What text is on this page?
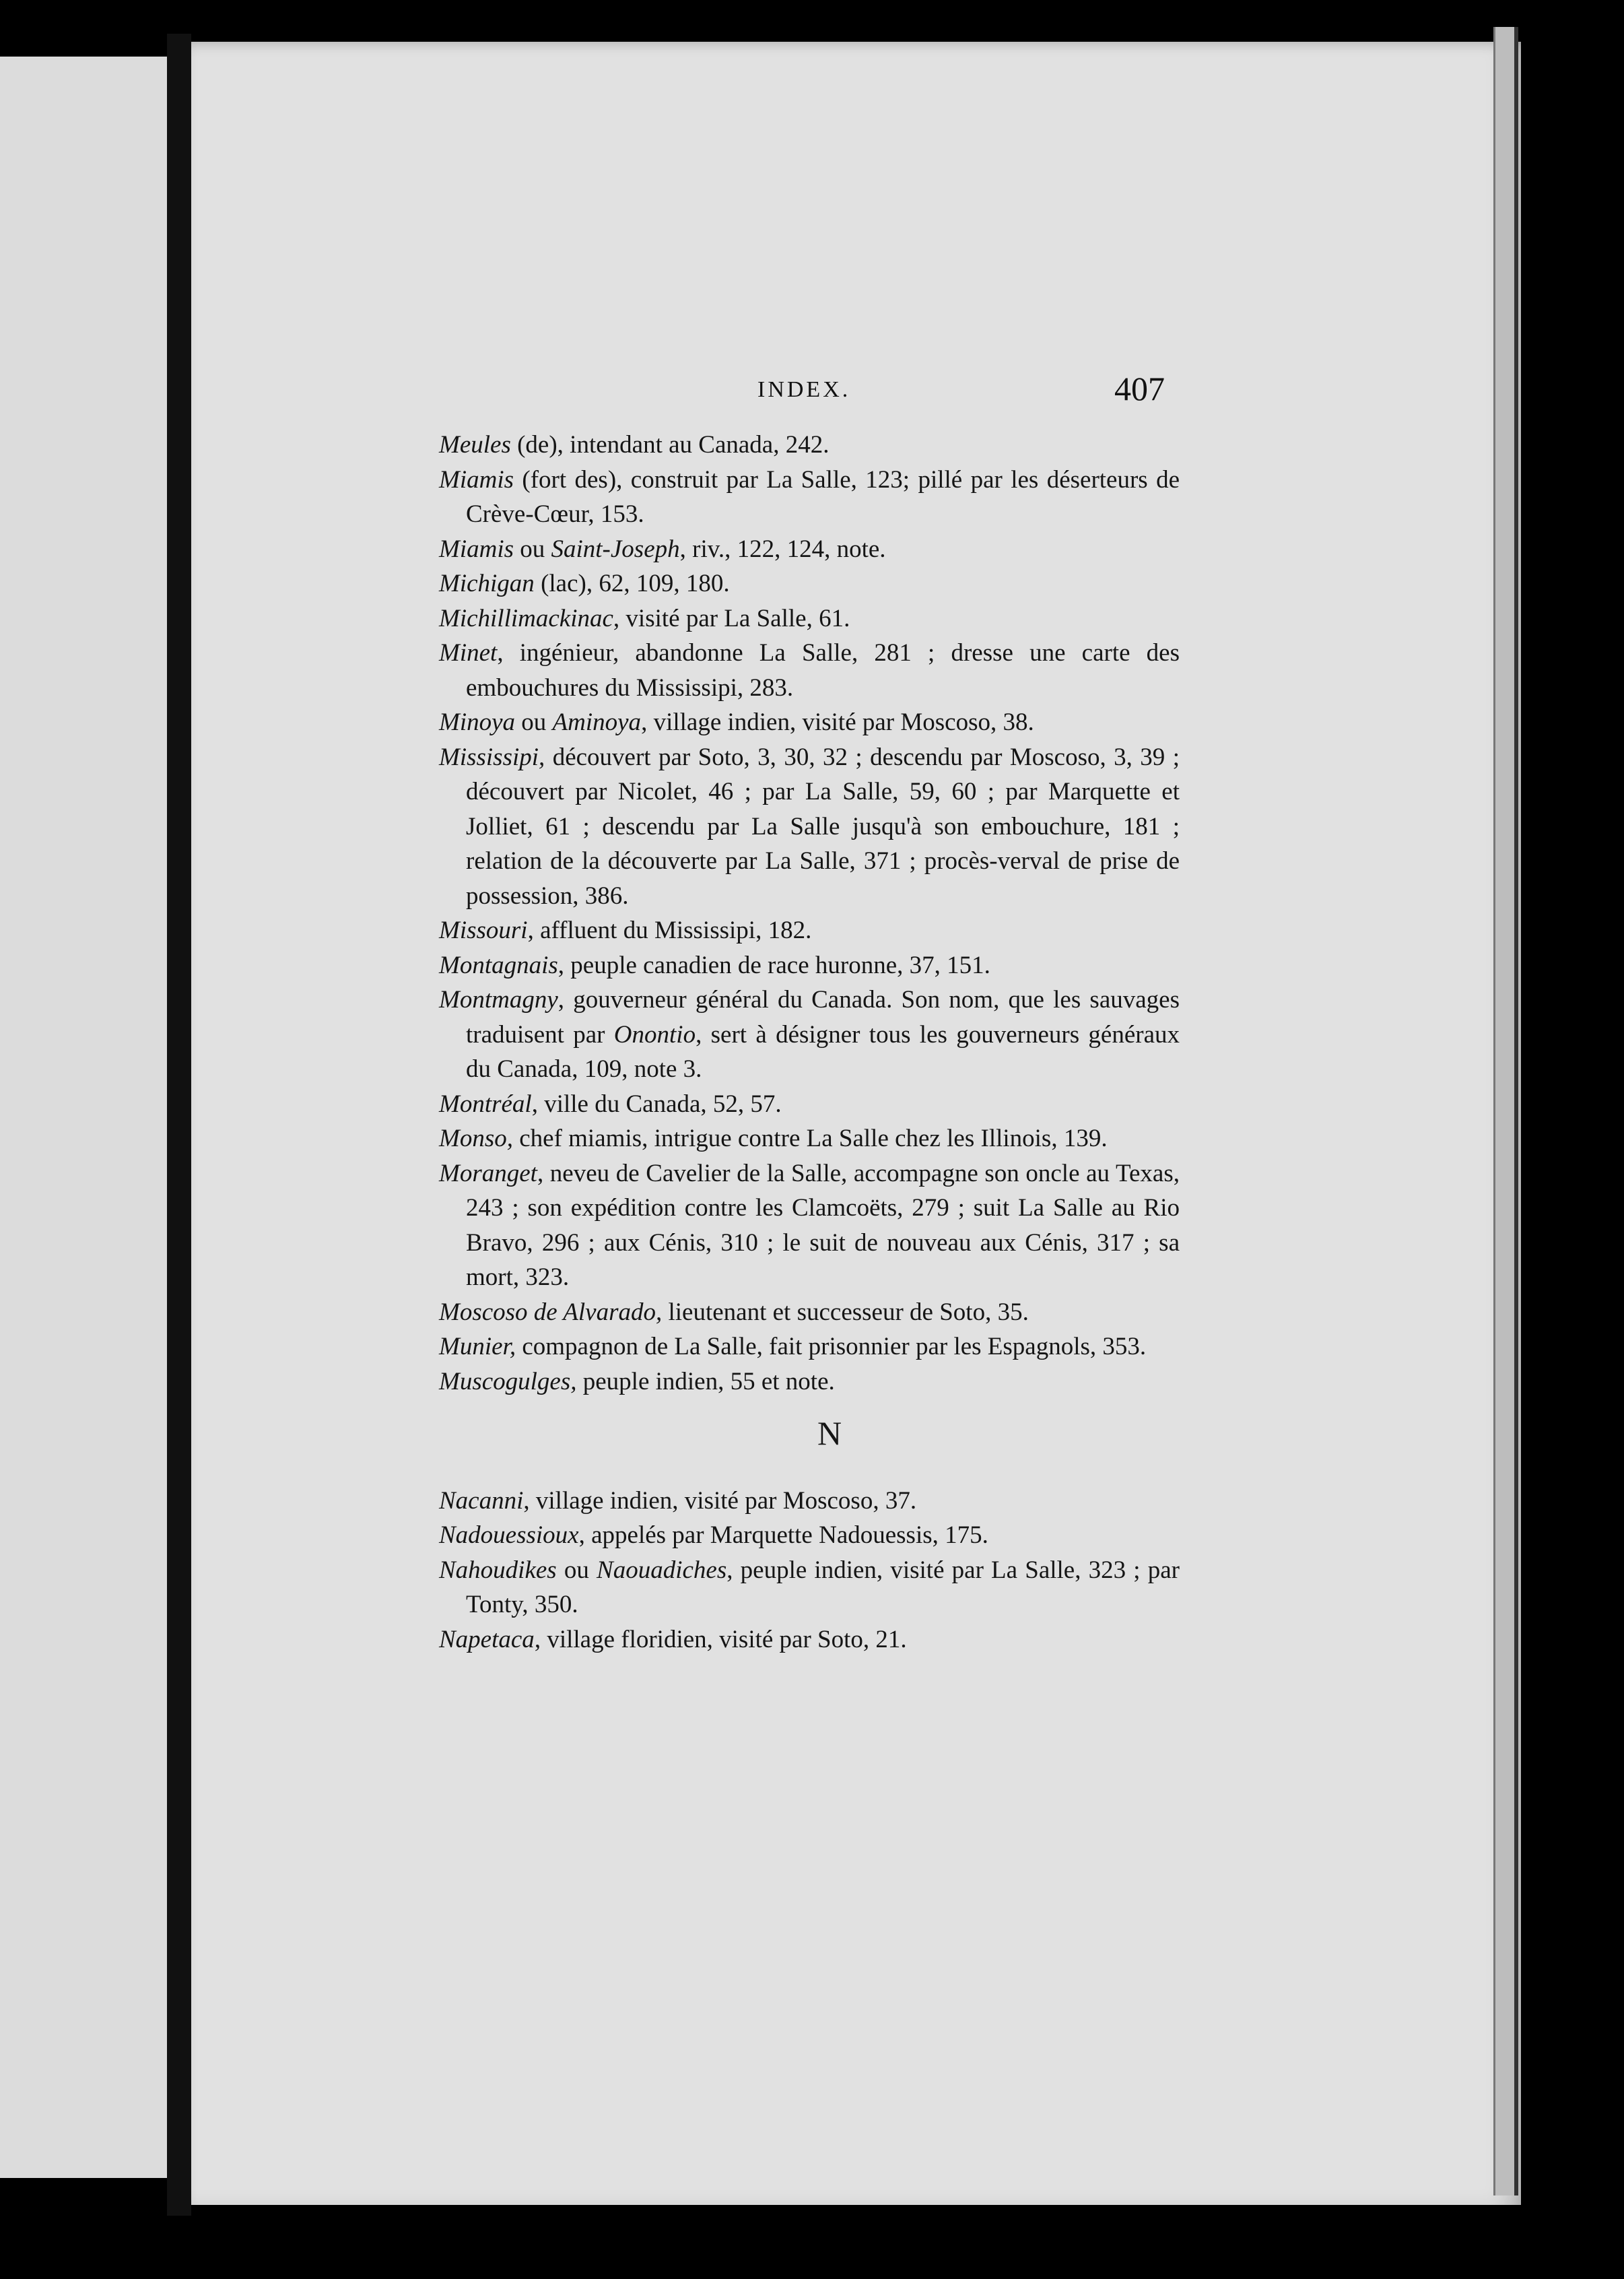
INDEX.	407
Meules (de), intendant au Canada, 242.
Miamis (fort des), construit par La Salle, 123; pillé par les déserteurs de Crève-Cœur, 153.
Miamis ou Saint-Joseph, riv., 122, 124, note.
Michigan (lac), 62, 109, 180.
Michillimackinac, visité par La Salle, 61.
Minet, ingénieur, abandonne La Salle, 281 ; dresse une carte des embouchures du Mississipi, 283.
Minoya ou Aminoya, village indien, visité par Moscoso, 38.
Mississipi, découvert par Soto, 3, 30, 32 ; descendu par Moscoso, 3, 39 ; découvert par Nicolet, 46 ; par La Salle, 59, 60 ; par Marquette et Jolliet, 61 ; descendu par La Salle jusqu'à son embouchure, 181 ; relation de la découverte par La Salle, 371 ; procès-verval de prise de possession, 386.
Missouri, affluent du Mississipi, 182.
Montagnais, peuple canadien de race huronne, 37, 151.
Montmagny, gouverneur général du Canada. Son nom, que les sauvages traduisent par Onontio, sert à désigner tous les gouverneurs généraux du Canada, 109, note 3.
Montréal, ville du Canada, 52, 57.
Monso, chef miamis, intrigue contre La Salle chez les Illinois, 139.
Moranget, neveu de Cavelier de la Salle, accompagne son oncle au Texas, 243 ; son expédition contre les Clamcoëts, 279 ; suit La Salle au Rio Bravo, 296 ; aux Cénis, 310 ; le suit de nouveau aux Cénis, 317 ; sa mort, 323.
Moscoso de Alvarado, lieutenant et successeur de Soto, 35.
Munier, compagnon de La Salle, fait prisonnier par les Espagnols, 353.
Muscogulges, peuple indien, 55 et note.
N
Nacanni, village indien, visité par Moscoso, 37.
Nadouessioux, appelés par Marquette Nadouessis, 175.
Nahoudikes ou Naouadiches, peuple indien, visité par La Salle, 323 ; par Tonty, 350.
Napetaca, village floridien, visité par Soto, 21.
